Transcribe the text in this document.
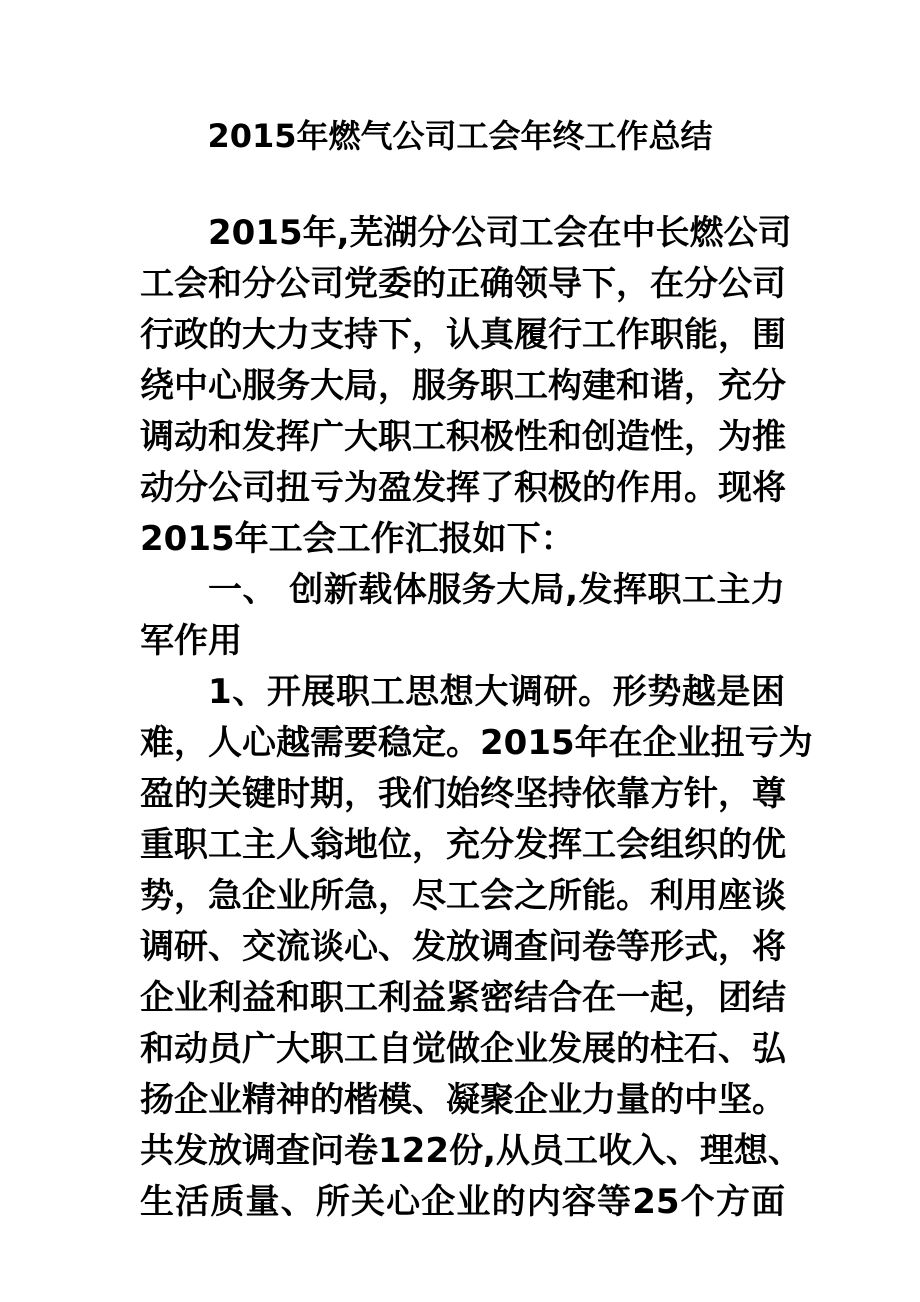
2015年燃气公司工会年终工作总结
2015年,芜湖分公司工会在中长燃公司
工会和分公司党委的正确领导下，在分公司
行政的大力支持下，认真履行工作职能，围
绕中心服务大局，服务职工构建和谐，充分
调动和发挥广大职工积极性和创造性，为推
动分公司扭亏为盈发挥了积极的作用。现将
2015年工会工作汇报如下：
一、 创新载体服务大局,发挥职工主力
军作用
1、开展职工思想大调研。形势越是困
难，人心越需要稳定。2015年在企业扭亏为
盈的关键时期，我们始终坚持依靠方针，尊
重职工主人翁地位，充分发挥工会组织的优
势，急企业所急，尽工会之所能。利用座谈
调研、交流谈心、发放调查问卷等形式，将
企业利益和职工利益紧密结合在一起，团结
和动员广大职工自觉做企业发展的柱石、弘
扬企业精神的楷模、凝聚企业力量的中坚。
共发放调查问卷122份,从员工收入、理想、
生活质量、所关心企业的内容等25个方面
